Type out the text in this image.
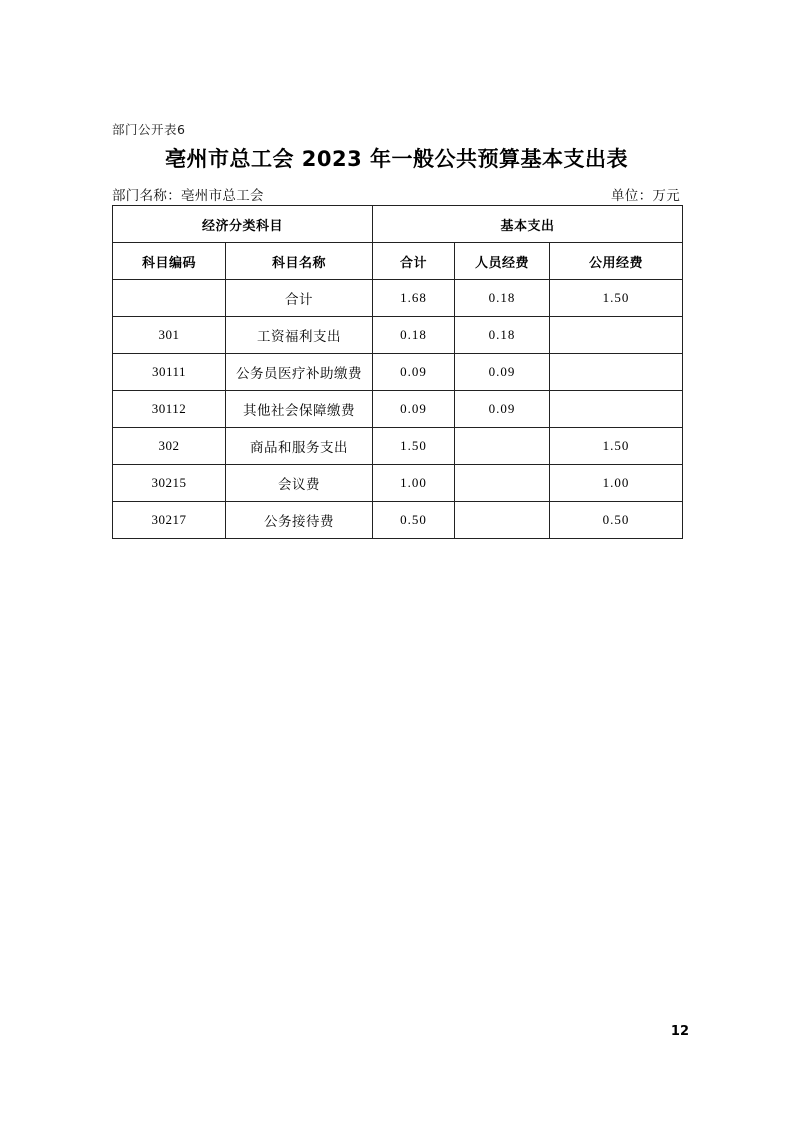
部门公开表6
亳州市总工会 2023 年一般公共预算基本支出表
部门名称：亳州市总工会	单位：万元
经济分类科目		基本支出		
科目编码	科目名称	合计	人员经费	公用经费
	合计	1.68	0.18	1.50
301	工资福利支出	0.18	0.18	
30111	公务员医疗补助缴费	0.09	0.09	
30112	其他社会保障缴费	0.09	0.09	
302	商品和服务支出	1.50		1.50
30215	会议费	1.00		1.00
30217	公务接待费	0.50		0.50
12
